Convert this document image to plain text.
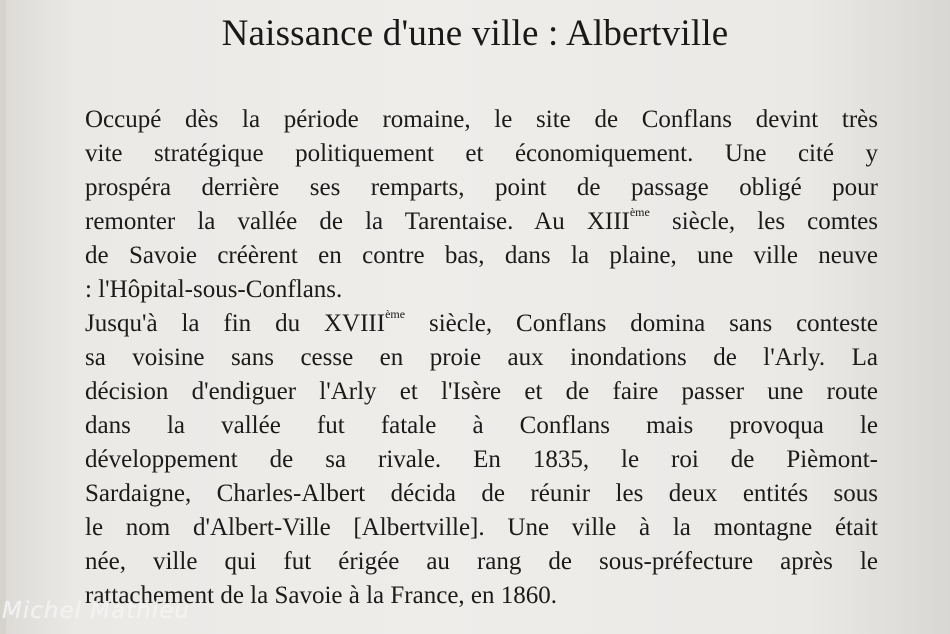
Naissance d'une ville : Albertville
Occupé dès la période romaine, le site de Conflans devint très
vite stratégique politiquement et économiquement. Une cité y
prospéra derrière ses remparts, point de passage obligé pour
remonter la vallée de la Tarentaise. Au XIIIème siècle, les comtes
de Savoie créèrent en contre bas, dans la plaine, une ville neuve
: l'Hôpital-sous-Conflans.
Jusqu'à la fin du XVIIIème siècle, Conflans domina sans conteste
sa voisine sans cesse en proie aux inondations de l'Arly. La
décision d'endiguer l'Arly et l'Isère et de faire passer une route
dans la vallée fut fatale à Conflans mais provoqua le
développement de sa rivale. En 1835, le roi de Pièmont-
Sardaigne, Charles-Albert décida de réunir les deux entités sous
le nom d'Albert-Ville [Albertville]. Une ville à la montagne était
née, ville qui fut érigée au rang de sous-préfecture après le
rattachement de la Savoie à la France, en 1860.
Michel Mathieu
